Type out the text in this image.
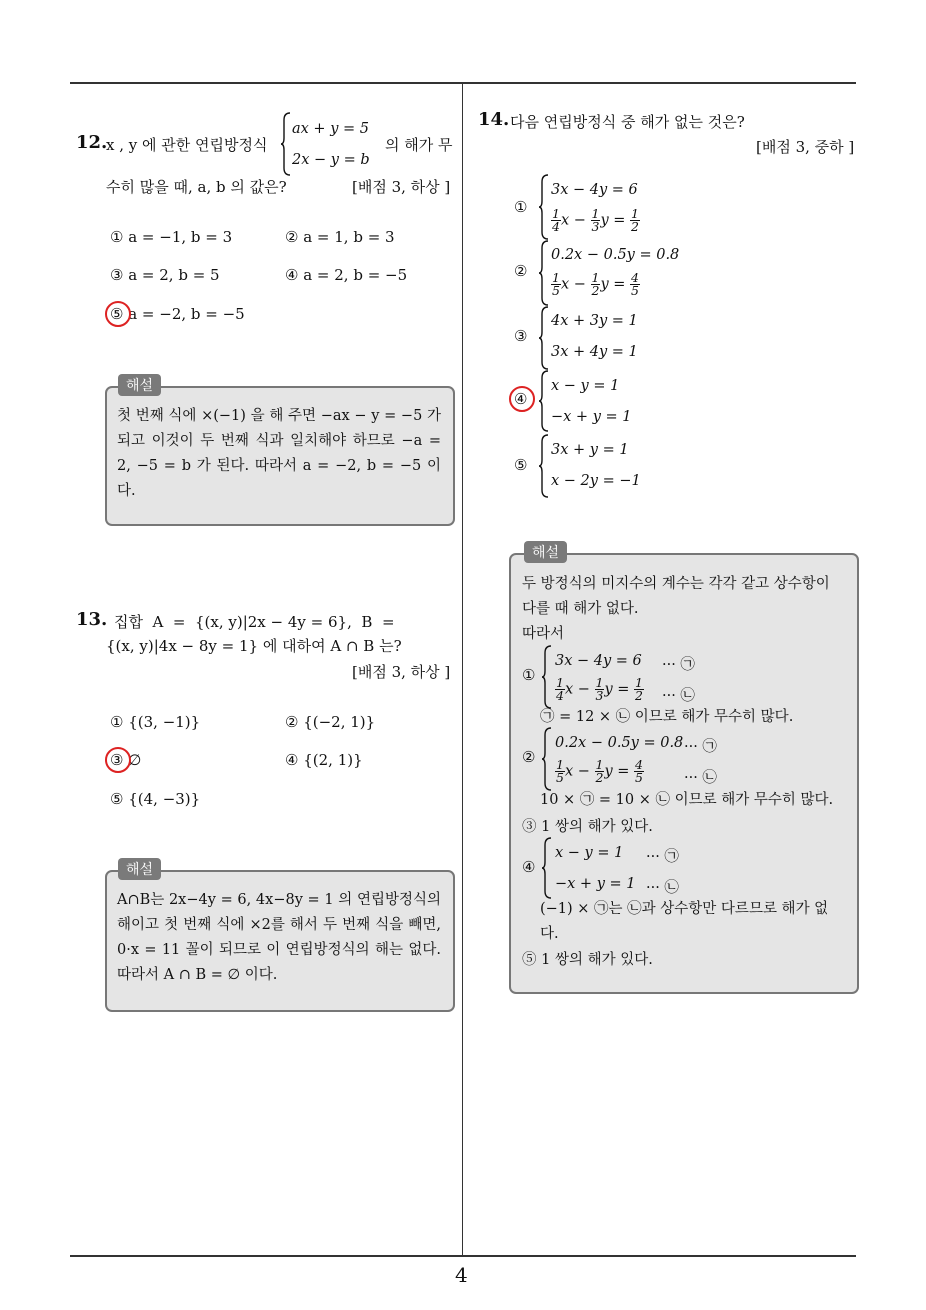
4
12.
x , y 에 관한 연립방정식
ax + y = 5
2x − y = b
의 해가 무
수히 많을 때, a, b 의 값은?	[배점 3, 하상 ]
① a = −1, b = 3	② a = 1, b = 3
③ a = 2, b = 5	④ a = 2, b = −5
⑤ a = −2, b = −5
해설
첫 번째 식에 ×(−1) 을 해 주면 −ax − y = −5 가 되고 이것이 두 번째 식과 일치해야 하므로 −a = 2, −5 = b 가 된다. 따라서 a = −2, b = −5 이다.
13. 집합  A  =  {(x, y)|2x − 4y = 6},  B  =
{(x, y)|4x − 8y = 1} 에 대하여 A ∩ B 는?
[배점 3, 하상 ]
① {(3, −1)}	② {(−2, 1)}
③ ∅	④ {(2, 1)}
⑤ {(4, −3)}
해설
A∩B는 2x−4y = 6, 4x−8y = 1 의 연립방정식의 해이고 첫 번째 식에 ×2를 해서 두 번째 식을 빼면, 0·x = 11 꼴이 되므로 이 연립방정식의 해는 없다. 따라서 A ∩ B = ∅ 이다.
14. 다음 연립방정식 중 해가 없는 것은?
[배점 3, 중하 ]
①
3x − 4y = 6
$\frac{1}{4}$ $x - \frac{1}{3}$ $y = \frac{1}{2}$
②
0.2x − 0.5y = 0.8
$\frac{1}{5}$ $x - \frac{1}{2}$ $y = \frac{4}{5}$
③
4x + 3y = 1
3x + 4y = 1
④
x − y = 1
−x + y = 1
⑤
3x + y = 1
x − 2y = −1
해설
두 방정식의 미지수의 계수는 각각 같고 상수항이
다를 때 해가 없다.
따라서
①
3x − 4y = 6 ··· ㉠
$\frac{1}{4}$ $x - \frac{1}{3}$ $y = \frac{1}{2}$ ··· ㉡
㉠ = 12 × ㉡ 이므로 해가 무수히 많다.
②
0.2x − 0.5y = 0.8 ··· ㉠
$\frac{1}{5}$ $x - \frac{1}{2}$ $y = \frac{4}{5}$	··· ㉡
10 × ㉠ = 10 × ㉡ 이므로 해가 무수히 많다.
③ 1 쌍의 해가 있다.
④
x − y = 1 ··· ㉠
−x + y = 1 ··· ㉡
(−1) × ㉠는 ㉡과 상수항만 다르므로 해가 없
다.
⑤ 1 쌍의 해가 있다.
